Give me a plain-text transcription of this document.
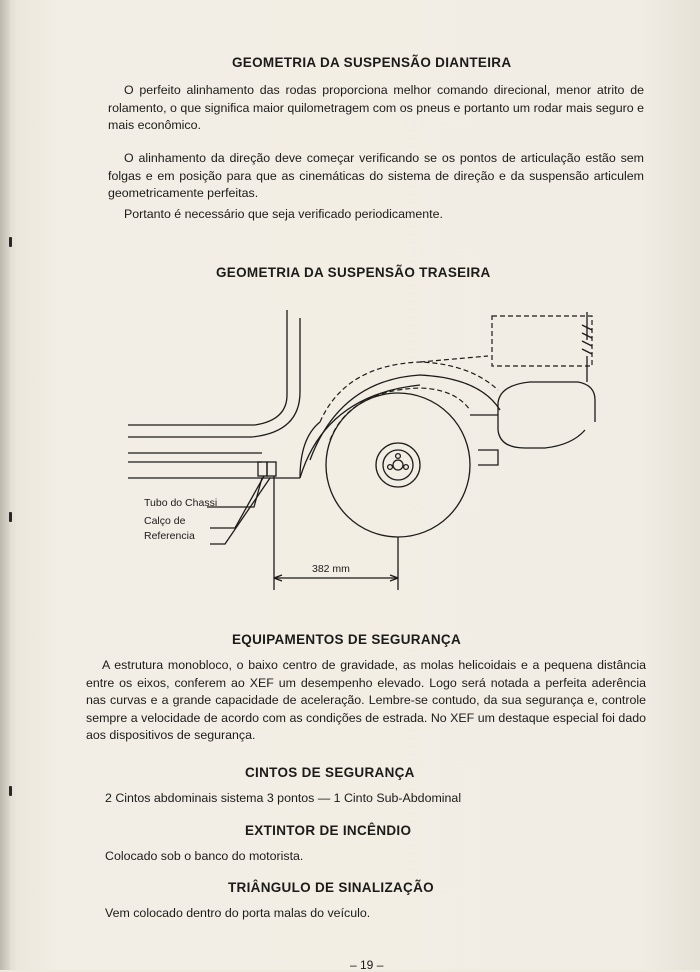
GEOMETRIA DA SUSPENSÃO DIANTEIRA

O perfeito alinhamento das rodas proporciona melhor comando direcional, menor atrito de rolamento, o que significa maior quilometragem com os pneus e portanto um rodar mais seguro e mais econômico.

O alinhamento da direção deve começar verificando se os pontos de articulação estão sem folgas e em posição para que as cinemáticas do sistema de direção e da suspensão articulem geometricamente perfeitas.

Portanto é necessário que seja verificado periodicamente.

GEOMETRIA DA SUSPENSÃO TRASEIRA
Tubo do Chassi
Calço de
Referencia
382 mm
EQUIPAMENTOS DE SEGURANÇA

A estrutura monobloco, o baixo centro de gravidade, as molas helicoidais e a pequena distância entre os eixos, conferem ao XEF um desempenho elevado. Logo será notada a perfeita aderência nas curvas e a grande capacidade de aceleração. Lembre-se contudo, da sua segurança e, controle sempre a velocidade de acordo com as condições de estrada. No XEF um destaque especial foi dado aos dispositivos de segurança.

CINTOS DE SEGURANÇA
2 Cintos abdominais sistema 3 pontos — 1 Cinto Sub-Abdominal
EXTINTOR DE INCÊNDIO
Colocado sob o banco do motorista.
TRIÂNGULO DE SINALIZAÇÃO
Vem colocado dentro do porta malas do veículo.
– 19 –
